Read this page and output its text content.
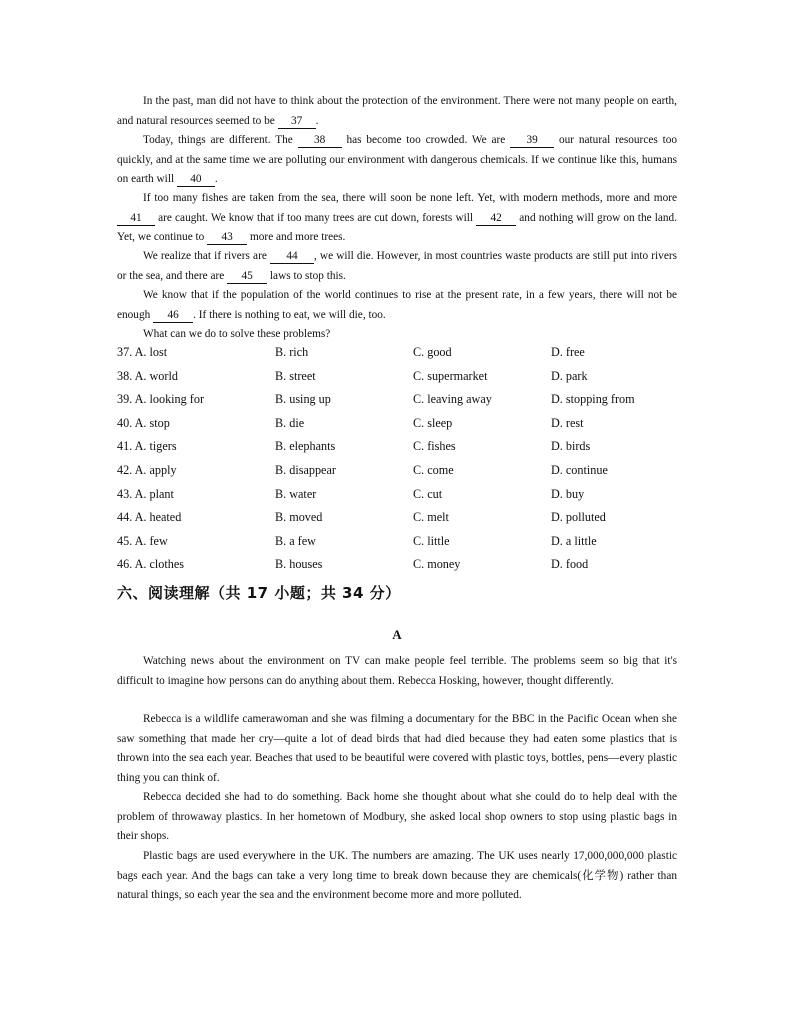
In the past, man did not have to think about the protection of the environment. There were not many people on earth, and natural resources seemed to be 37 .

Today, things are different. The 38 has become too crowded. We are 39 our natural resources too quickly, and at the same time we are polluting our environment with dangerous chemicals. If we continue like this, humans on earth will 40 .

If too many fishes are taken from the sea, there will soon be none left. Yet, with modern methods, more and more 41 are caught. We know that if too many trees are cut down, forests will 42 and nothing will grow on the land. Yet, we continue to 43 more and more trees.

We realize that if rivers are 44 , we will die. However, in most countries waste products are still put into rivers or the sea, and there are 45 laws to stop this.

We know that if the population of the world continues to rise at the present rate, in a few years, there will not be enough 46 . If there is nothing to eat, we will die, too.

What can we do to solve these problems?

37. A. lost	B. rich	C. good	D. free
38. A. world	B. street	C. supermarket	D. park
39. A. looking for	B. using up	C. leaving away	D. stopping from
40. A. stop	B. die	C. sleep	D. rest
41. A. tigers	B. elephants	C. fishes	D. birds
42. A. apply	B. disappear	C. come	D. continue
43. A. plant	B. water	C. cut	D. buy
44. A. heated	B. moved	C. melt	D. polluted
45. A. few	B. a few	C. little	D. a little
46. A. clothes	B. houses	C. money	D. food
六、阅读理解（共 17 小题；共 34 分）
A

Watching news about the environment on TV can make people feel terrible. The problems seem so big that it's difficult to imagine how persons can do anything about them. Rebecca Hosking, however, thought differently.

Rebecca is a wildlife camerawoman and she was filming a documentary for the BBC in the Pacific Ocean when she saw something that made her cry—quite a lot of dead birds that had died because they had eaten some plastics that is thrown into the sea each year. Beaches that used to be beautiful were covered with plastic toys, bottles, pens—every plastic thing you can think of.

Rebecca decided she had to do something. Back home she thought about what she could do to help deal with the problem of throwaway plastics. In her hometown of Modbury, she asked local shop owners to stop using plastic bags in their shops.

Plastic bags are used everywhere in the UK. The numbers are amazing. The UK uses nearly 17,000,000,000 plastic bags each year. And the bags can take a very long time to break down because they are chemicals(化学物) rather than natural things, so each year the sea and the environment become more and more polluted.
